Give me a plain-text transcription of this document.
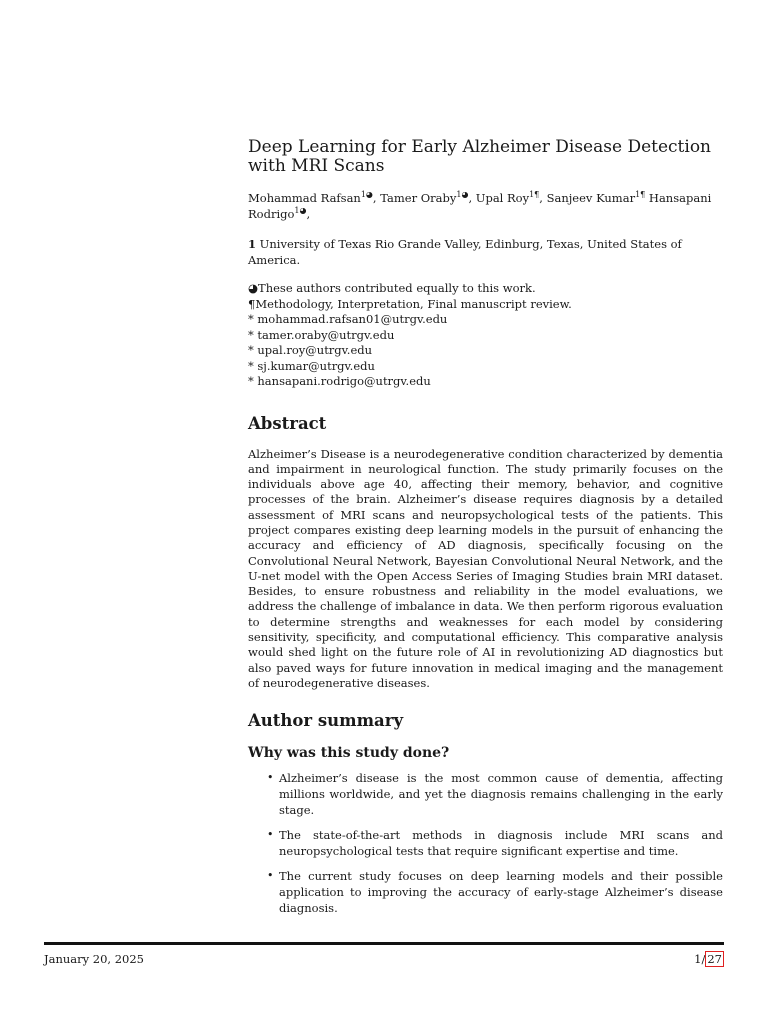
Deep Learning for Early Alzheimer Disease Detection with MRI Scans
Mohammad Rafsan$^{1◕}$, Tamer Oraby$^{1◕}$, Upal Roy$^{1\P}$, Sanjeev Kumar$^{1\P}$ Hansapani Rodrigo$^{1◕}$,
1 University of Texas Rio Grande Valley, Edinburg, Texas, United States of America.
◕These authors contributed equally to this work.
¶Methodology, Interpretation, Final manuscript review.
* mohammad.rafsan01@utrgv.edu
* tamer.oraby@utrgv.edu
* upal.roy@utrgv.edu
* sj.kumar@utrgv.edu
* hansapani.rodrigo@utrgv.edu
Abstract

Alzheimer’s Disease is a neurodegenerative condition characterized by dementia and impairment in neurological function. The study primarily focuses on the individuals above age 40, affecting their memory, behavior, and cognitive processes of the brain. Alzheimer’s disease requires diagnosis by a detailed assessment of MRI scans and neuropsychological tests of the patients. This project compares existing deep learning models in the pursuit of enhancing the accuracy and efficiency of AD diagnosis, specifically focusing on the Convolutional Neural Network, Bayesian Convolutional Neural Network, and the U-net model with the Open Access Series of Imaging Studies brain MRI dataset. Besides, to ensure robustness and reliability in the model evaluations, we address the challenge of imbalance in data. We then perform rigorous evaluation to determine strengths and weaknesses for each model by considering sensitivity, specificity, and computational efficiency. This comparative analysis would shed light on the future role of AI in revolutionizing AD diagnostics but also paved ways for future innovation in medical imaging and the management of neurodegenerative diseases.

Author summary
Why was this study done?
• Alzheimer’s disease is the most common cause of dementia, affecting millions worldwide, and yet the diagnosis remains challenging in the early stage.
• The state-of-the-art methods in diagnosis include MRI scans and neuropsychological tests that require significant expertise and time.
• The current study focuses on deep learning models and their possible application to improving the accuracy of early-stage Alzheimer’s disease diagnosis.
January 20, 2025	1/ 27
